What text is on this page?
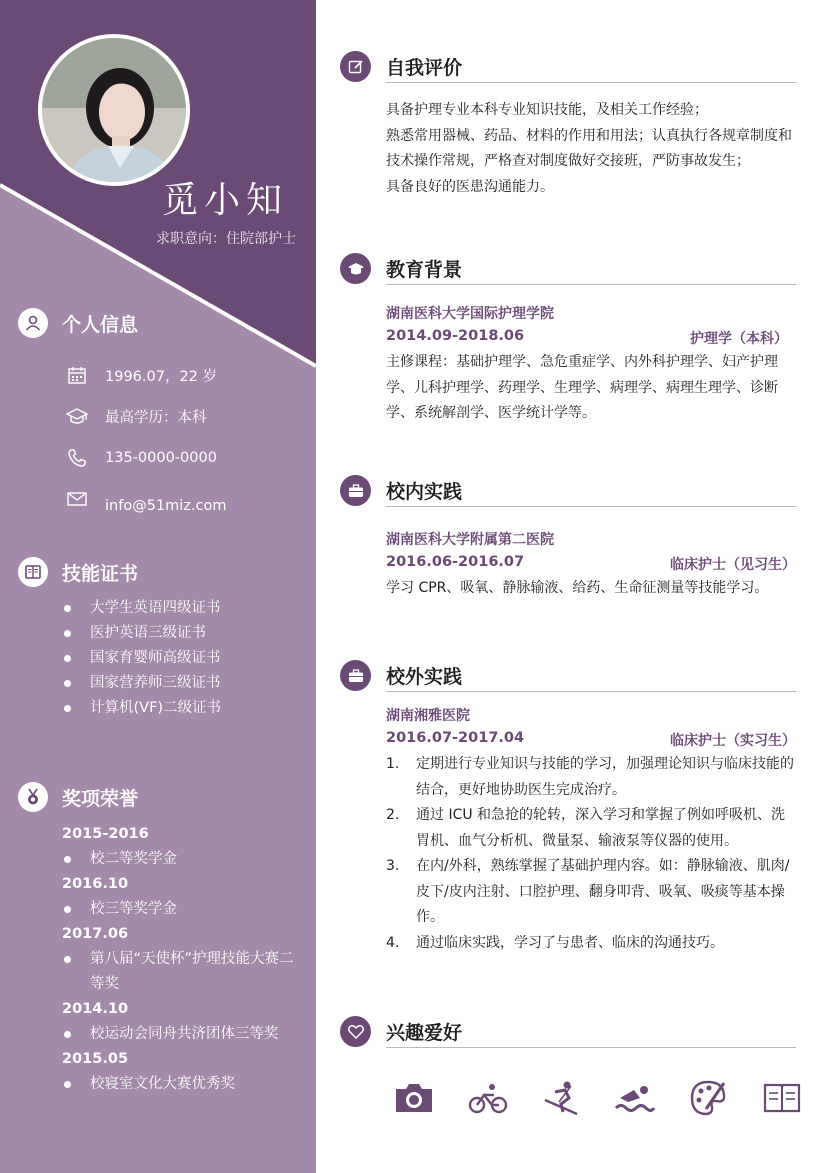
觅小知
求职意向：住院部护士
个人信息
1996.07，22 岁
最高学历：本科
135-0000-0000
info@51miz.com
技能证书
大学生英语四级证书
医护英语三级证书
国家育婴师高级证书
国家营养师三级证书
计算机(VF)二级证书
奖项荣誉
2015-2016
校二等奖学金
2016.10
校三等奖学金
2017.06
第八届“天使杯”护理技能大赛二等奖
2014.10
校运动会同舟共济团体三等奖
2015.05
校寝室文化大赛优秀奖
自我评价
具备护理专业本科专业知识技能，及相关工作经验；
熟悉常用器械、药品、材料的作用和用法；认真执行各规章制度和技术操作常规，严格查对制度做好交接班，严防事故发生；
具备良好的医患沟通能力。
教育背景
湖南医科大学国际护理学院
2014.09-2018.06	护理学（本科）
主修课程：基础护理学、急危重症学、内外科护理学、妇产护理学、儿科护理学、药理学、生理学、病理学、病理生理学、诊断学、系统解剖学、医学统计学等。
校内实践
湖南医科大学附属第二医院
2016.06-2016.07	临床护士（见习生）
学习 CPR、吸氧、静脉输液、给药、生命征测量等技能学习。
校外实践
湖南湘雅医院
2016.07-2017.04	临床护士（实习生）
1.	定期进行专业知识与技能的学习，加强理论知识与临床技能的结合，更好地协助医生完成治疗。
2.	通过 ICU 和急抢的轮转，深入学习和掌握了例如呼吸机、洗胃机、血气分析机、微量泵、输液泵等仪器的使用。
3.	在内/外科，熟练掌握了基础护理内容。如：静脉输液、肌肉/皮下/皮内注射、口腔护理、翻身叩背、吸氧、吸痰等基本操作。
4.	通过临床实践，学习了与患者、临床的沟通技巧。
兴趣爱好
